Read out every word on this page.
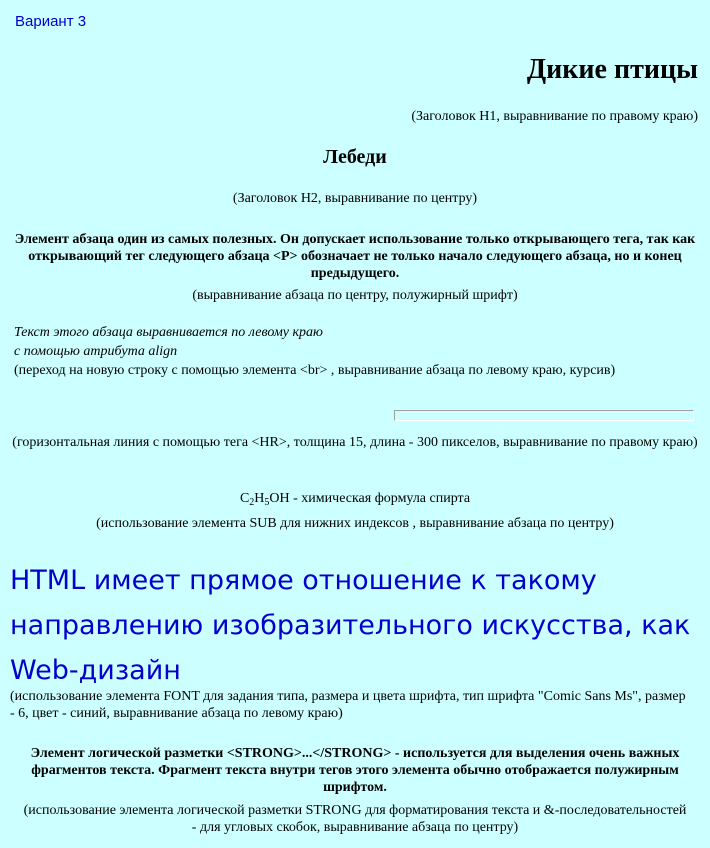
Вариант 3
Дикие птицы
(Заголовок H1, выравнивание по правому краю)
Лебеди
(Заголовок H2, выравнивание по центру)
Элемент абзаца один из самых полезных. Он допускает использование только открывающего тега, так как открывающий тег следующего абзаца <P> обозначает не только начало следующего абзаца, но и конец предыдущего.
(выравнивание абзаца по центру, полужирный шрифт)
Текст этого абзаца выравнивается по левому краю
с помощью атрибута align
(переход на новую строку с помощью элемента <br> , выравнивание абзаца по левому краю, курсив)
(горизонтальная линия с помощью тега <HR>, толщина 15, длина - 300 пикселов, выравнивание по правому краю)
$C_2H_5OH$ - химическая формула спирта
(использование элемента SUB для нижних индексов , выравнивание абзаца по центру)
HTML имеет прямое отношение к такому направлению изобразительного искусства, как Web-дизайн
(использование элемента FONT для задания типа, размера и цвета шрифта, тип шрифта "Comic Sans Ms", размер - 6, цвет - синий, выравнивание абзаца по левому краю)
Элемент логической разметки <STRONG>...</STRONG> - используется для выделения очень важных фрагментов текста. Фрагмент текста внутри тегов этого элемента обычно отображается полужирным шрифтом.
(использование элемента логической разметки STRONG для форматирования текста и &-последовательностей - для угловых скобок, выравнивание абзаца по центру)
